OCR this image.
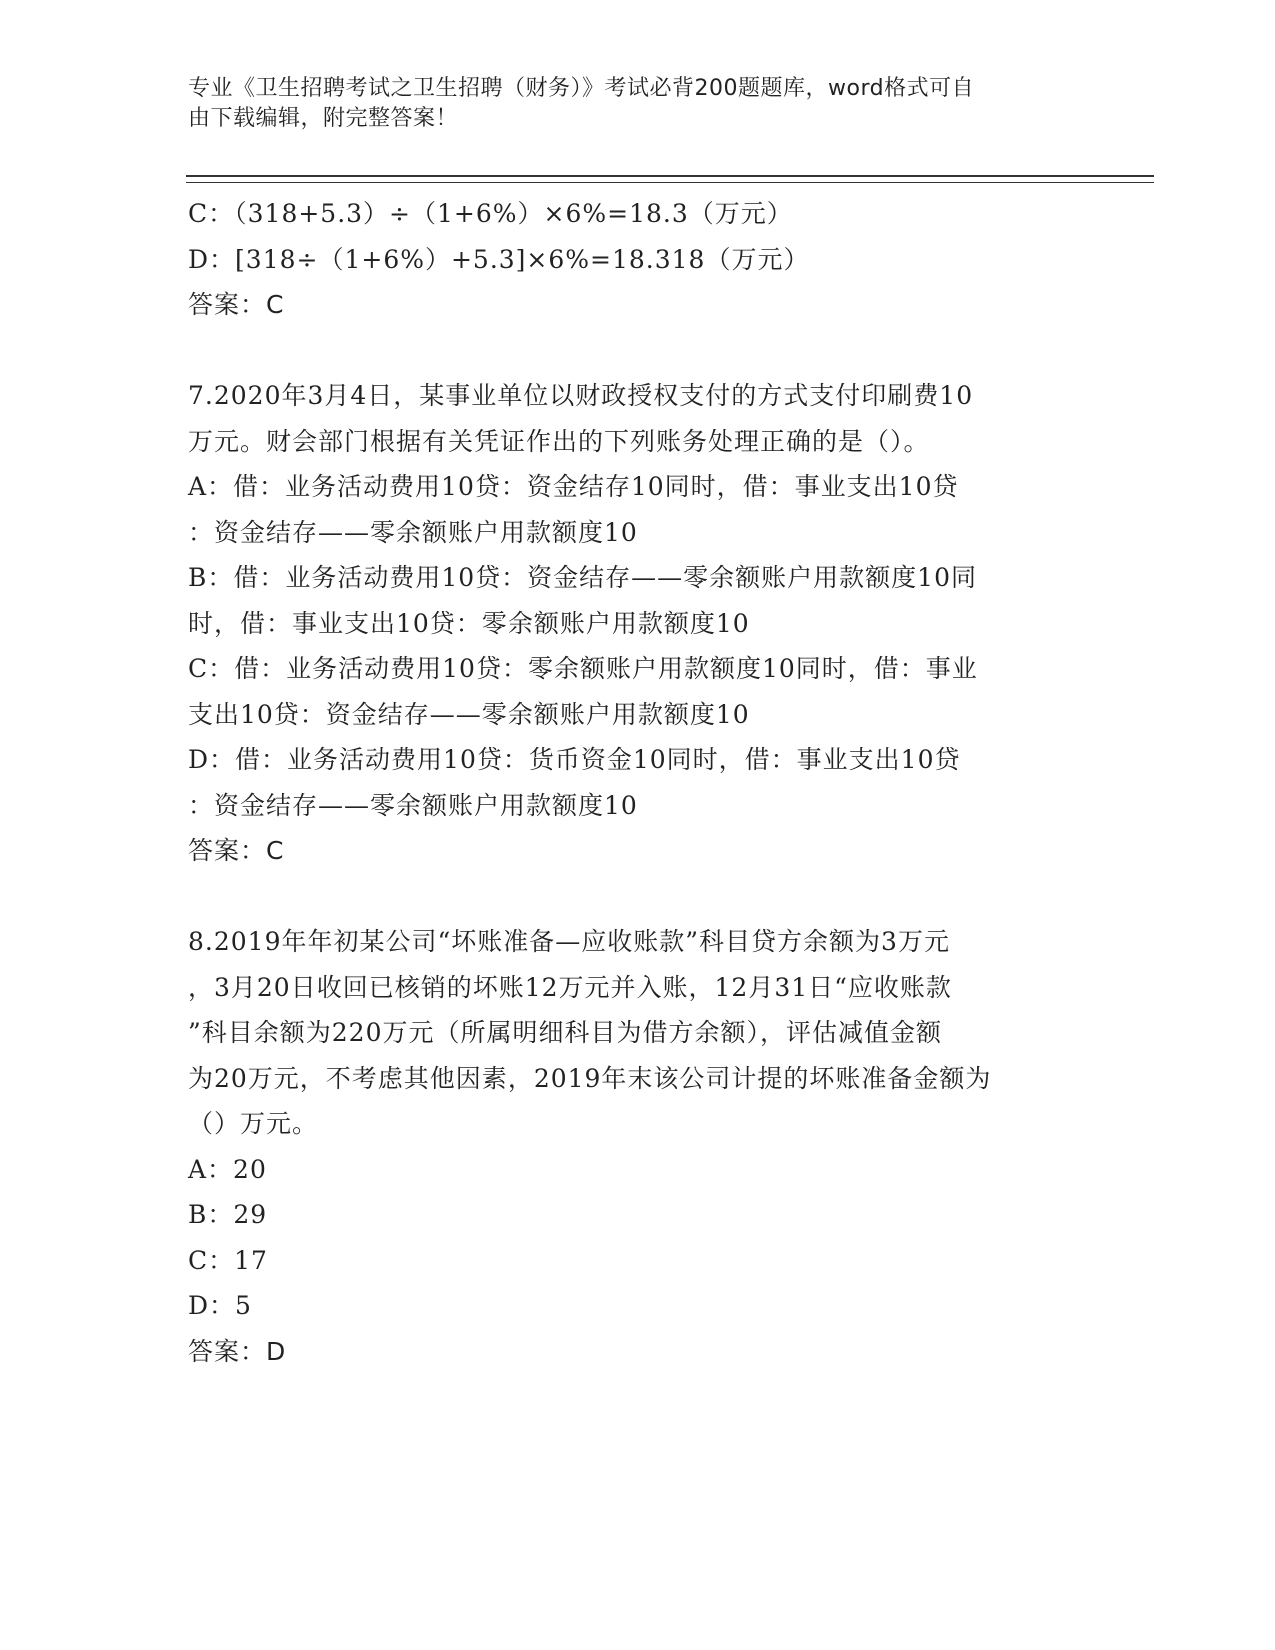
专业《卫生招聘考试之卫生招聘（财务）》考试必背200题题库，word格式可自
由下载编辑，附完整答案！
C：（318+5.3）÷（1+6%）×6%=18.3（万元）
D：[318÷（1+6%）+5.3]×6%=18.318（万元）
答案：C
7.2020年3月4日，某事业单位以财政授权支付的方式支付印刷费10
万元。财会部门根据有关凭证作出的下列账务处理正确的是（）。
A：借：业务活动费用10贷：资金结存10同时，借：事业支出10贷
：资金结存——零余额账户用款额度10
B：借：业务活动费用10贷：资金结存——零余额账户用款额度10同
时，借：事业支出10贷：零余额账户用款额度10
C：借：业务活动费用10贷：零余额账户用款额度10同时，借：事业
支出10贷：资金结存——零余额账户用款额度10
D：借：业务活动费用10贷：货币资金10同时，借：事业支出10贷
：资金结存——零余额账户用款额度10
答案：C
8.2019年年初某公司“坏账准备—应收账款”科目贷方余额为3万元
，3月20日收回已核销的坏账12万元并入账，12月31日“应收账款
”科目余额为220万元（所属明细科目为借方余额），评估减值金额
为20万元，不考虑其他因素，2019年末该公司计提的坏账准备金额为
（）万元。
A：20
B：29
C：17
D：5
答案：D
